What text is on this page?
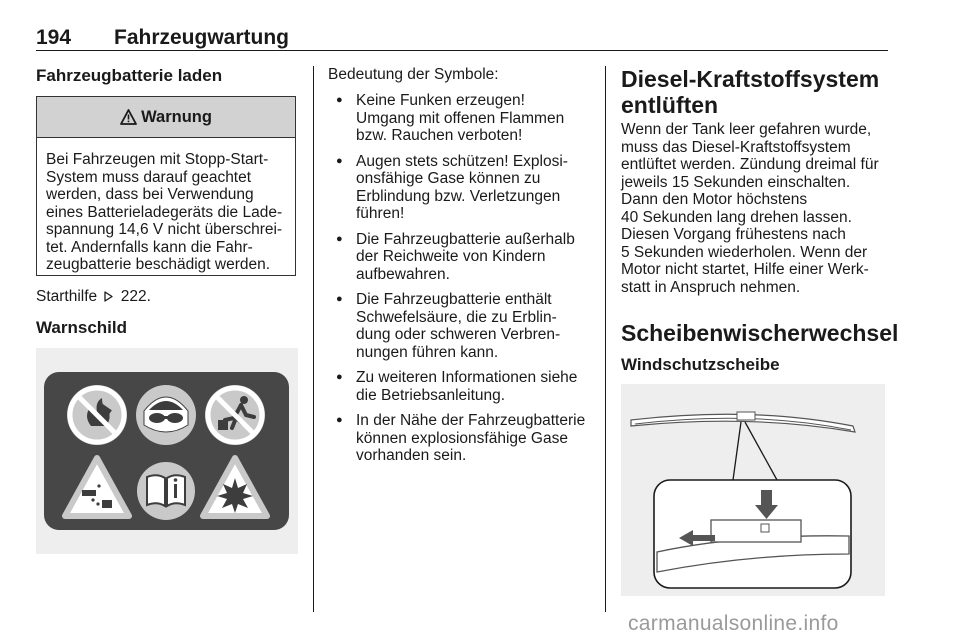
194 Fahrzeugwartung
Fahrzeugbatterie laden
Warnung
Bei Fahrzeugen mit Stopp-Start-
System muss darauf geachtet
werden, dass bei Verwendung
eines Batterieladegeräts die Lade-
spannung 14,6 V nicht überschrei-
tet. Andernfalls kann die Fahr-
zeugbatterie beschädigt werden.
Starthilfe 222.
Warnschild
Bedeutung der Symbole:
● Keine Funken erzeugen!
Umgang mit offenen Flammen
bzw. Rauchen verboten!
● Augen stets schützen! Explosi-
onsfähige Gase können zu
Erblindung bzw. Verletzungen
führen!
● Die Fahrzeugbatterie außerhalb
der Reichweite von Kindern
aufbewahren.
● Die Fahrzeugbatterie enthält
Schwefelsäure, die zu Erblin-
dung oder schweren Verbren-
nungen führen kann.
● Zu weiteren Informationen siehe
die Betriebsanleitung.
● In der Nähe der Fahrzeugbatterie
können explosionsfähige Gase
vorhanden sein.
Diesel-Kraftstoffsystem
entlüften
Wenn der Tank leer gefahren wurde,
muss das Diesel-Kraftstoffsystem
entlüftet werden. Zündung dreimal für
jeweils 15 Sekunden einschalten.
Dann den Motor höchstens
40 Sekunden lang drehen lassen.
Diesen Vorgang frühestens nach
5 Sekunden wiederholen. Wenn der
Motor nicht startet, Hilfe einer Werk-
statt in Anspruch nehmen.
Scheibenwischerwechsel
Windschutzscheibe
carmanualsonline.info
